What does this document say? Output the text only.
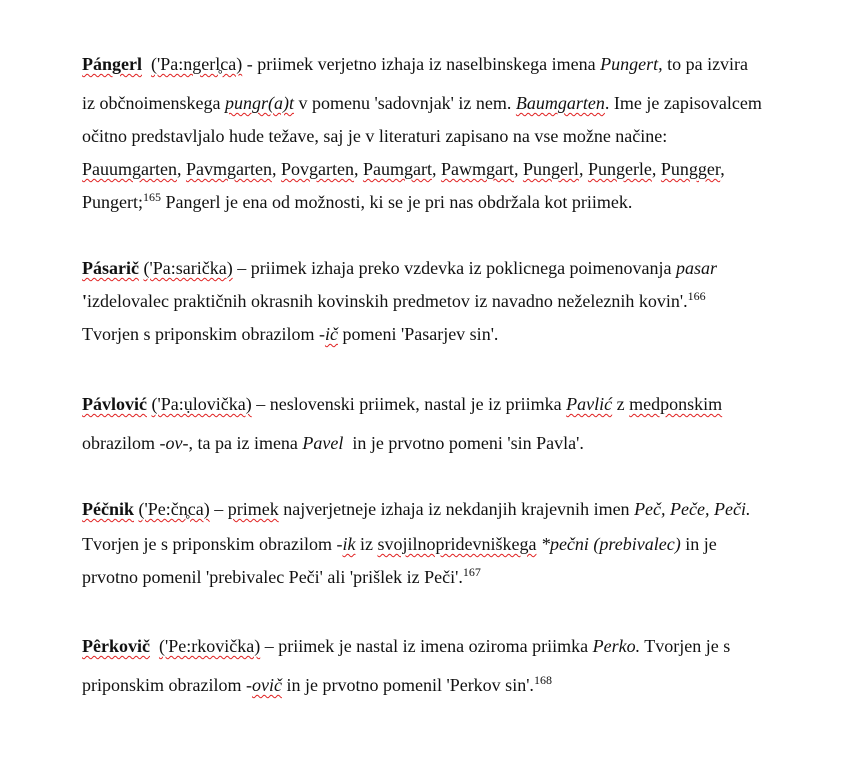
Pángerl ('Pa:ngerl̥ca) - priimek verjetno izhaja iz naselbinskega imena Pungert, to pa izvira
iz občnoimenskega pungr(a)t v pomenu 'sadovnjak' iz nem. Baumgarten. Ime je zapisovalcem
očitno predstavljalo hude težave, saj je v literaturi zapisano na vse možne načine:
Pauumgarten, Pavmgarten, Povgarten, Paumgart, Pawmgart, Pungerl, Pungerle, Pungger,
Pungert;$^{165}$ Pangerl je ena od možnosti, ki se je pri nas obdržala kot priimek.
Pásarič ('Pa:sarička) – priimek izhaja preko vzdevka iz poklicnega poimenovanja pasar
'izdelovalec praktičnih okrasnih kovinskih predmetov iz navadno neželeznih kovin'.$^{166}$
Tvorjen s priponskim obrazilom -ič pomeni 'Pasarjev sin'.
Pávlović ('Pa:ụlovička) – neslovenski priimek, nastal je iz priimka Pavlić z medponskim
obrazilom -ov-, ta pa iz imena Pavel  in je prvotno pomeni 'sin Pavla'.
Péčnik ('Pe:čn̥ca) – primek najverjetneje izhaja iz nekdanjih krajevnih imen Peč, Peče, Peči.
Tvorjen je s priponskim obrazilom -ik iz svojilnopridevniškega *pečni (prebivalec) in je
prvotno pomenil 'prebivalec Peči' ali 'prišlek iz Peči'.$^{167}$
Pêrkovič ('Pe:rkovička) – priimek je nastal iz imena oziroma priimka Perko. Tvorjen je s
priponskim obrazilom -ovič in je prvotno pomenil 'Perkov sin'.$^{168}$
